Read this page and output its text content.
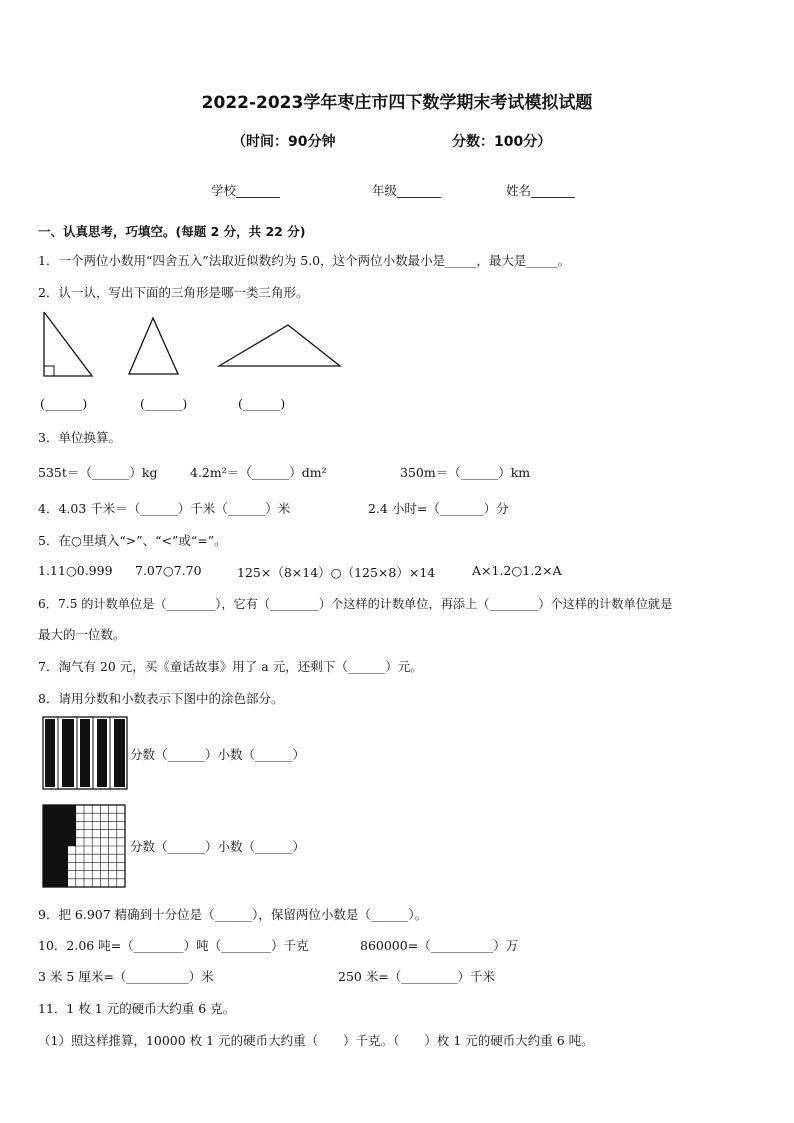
2022-2023学年枣庄市四下数学期末考试模拟试题
（时间：90分钟	分数：100分）
学校_______	年级_______	姓名_______
一、认真思考，巧填空。(每题 2 分，共 22 分)
1．一个两位小数用“四舍五入”法取近似数约为 5.0，这个两位小数最小是_____，最大是_____。
2．认一认，写出下面的三角形是哪一类三角形。
(______)	(______)	(______)
3．单位换算。
535t＝（______）kg	4.2m²＝（______）dm²	350m＝（______）km
4．4.03 千米＝（______）千米（______）米	2.4 小时=（_______）分
5．在○里填入“>”、“<”或“=”。
1.11○0.999 7.07○7.70	125×（8×14）○（125×8）×14	A×1.2○1.2×A
6．7.5 的计数单位是（________），它有（________）个这样的计数单位，再添上（________）个这样的计数单位就是
最大的一位数。
7．淘气有 20 元，买《童话故事》用了 a 元，还剩下（______）元。
8．请用分数和小数表示下图中的涂色部分。
分数（______）小数（______）
分数（______）小数（______）
9．把 6.907 精确到十分位是（______），保留两位小数是（______）。
10．2.06 吨=（________）吨（________）千克	860000=（__________）万
3 米 5 厘米=（__________）米	250 米=（_________）千米
11．1 枚 1 元的硬币大约重 6 克。
（1）照这样推算，10000 枚 1 元的硬币大约重（　　）千克。（　　）枚 1 元的硬币大约重 6 吨。
